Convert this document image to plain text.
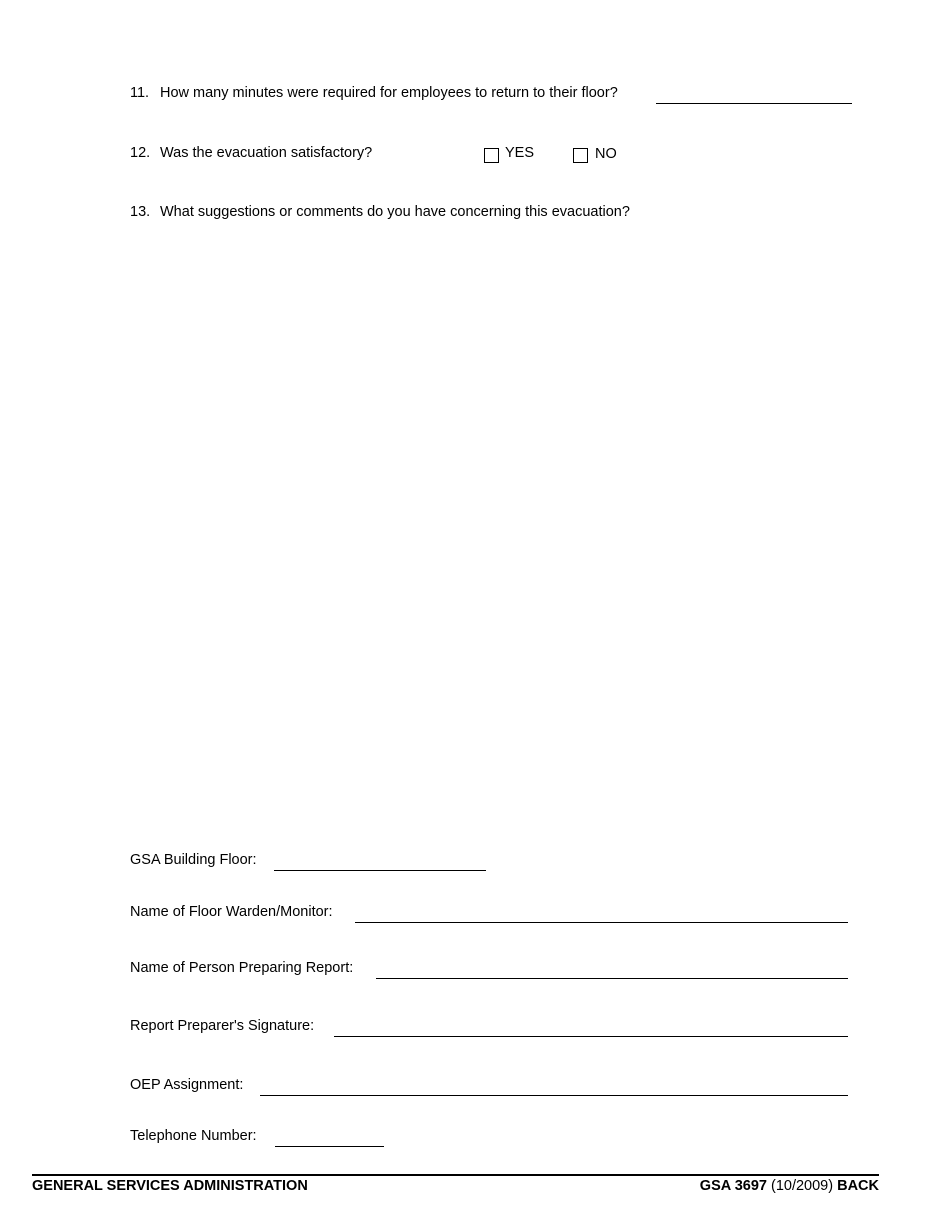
11. How many minutes were required for employees to return to their floor?
12. Was the evacuation satisfactory?	YES	NO
13. What suggestions or comments do you have concerning this evacuation?
GSA Building Floor:
Name of Floor Warden/Monitor:
Name of Person Preparing Report:
Report Preparer's Signature:
OEP Assignment:
Telephone Number:
GENERAL SERVICES ADMINISTRATION	GSA 3697 (10/2009) BACK
